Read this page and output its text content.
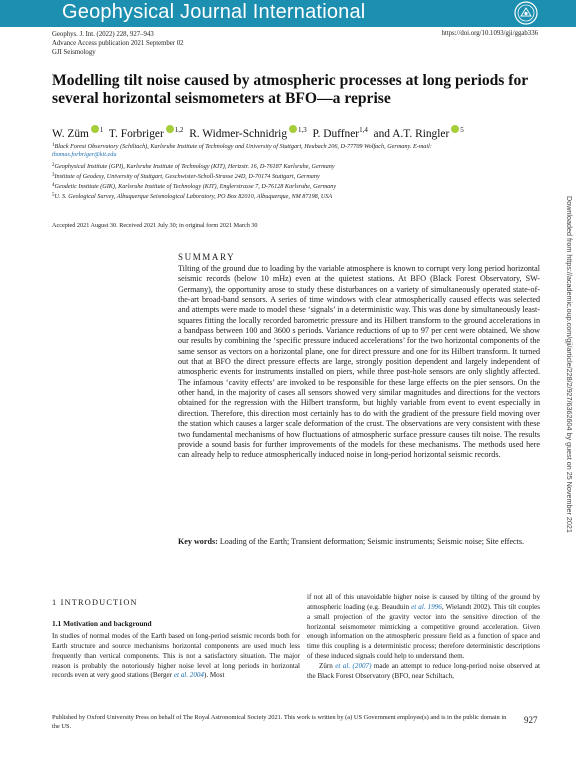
Geophysical Journal International
Geophys. J. Int. (2022) 228, 927–943
Advance Access publication 2021 September 02
GJI Seismology
https://doi.org/10.1093/gji/ggab336
Modelling tilt noise caused by atmospheric processes at long periods for several horizontal seismometers at BFO—a reprise
W. Züm $^1$ T. Forbriger $^{1,2}$ R. Widmer-Schnidrig $^{1,3}$ P. Duffner$^{1,4}$ and A.T. Ringler $^5$
$^1$Black Forest Observatory (Schiltach), Karlsruhe Institute of Technology and University of Stuttgart, Heubach 206, D-77709 Wolfach, Germany. E-mail:
thomas.forbriger@kit.edu
$^2$Geophysical Institute (GPI), Karlsruhe Institute of Technology (KIT), Hertzstr. 16, D-76187 Karlsruhe, Germany
$^3$Institute of Geodesy, University of Stuttgart, Geschwister-Scholl-Strasse 24D, D-70174 Stuttgart, Germany
$^4$Geodetic Institute (GIK), Karlsruhe Institute of Technology (KIT), Englerstrasse 7, D-76128 Karlsruhe, Germany
$^5$U. S. Geological Survey, Albuquerque Seismological Laboratory, PO Box 82010, Albuquerque, NM 87198, USA
Accepted 2021 August 30. Received 2021 July 30; in original form 2021 March 30	Downloaded from https://academic.oup.com/gji/article/228/2/927/6362604 by guest on 25 November 2021
SUMMARY
Tilting of the ground due to loading by the variable atmosphere is known to corrupt very long period horizontal seismic records (below 10 mHz) even at the quietest stations. At BFO (Black Forest Observatory, SW-Germany), the opportunity arose to study these disturbances on a variety of simultaneously operated state-of-the-art broad-band sensors. A series of time windows with clear atmospherically caused effects was selected and attempts were made to model these ‘signals’ in a deterministic way. This was done by simultaneously least-squares fitting the locally recorded barometric pressure and its Hilbert transform to the ground accelerations in a bandpass between 100 and 3600 s periods. Variance reductions of up to 97 per cent were obtained. We show our results by combining the ‘specific pressure induced accelerations’ for the two horizontal components of the same sensor as vectors on a horizontal plane, one for direct pressure and one for its Hilbert transform. It turned out that at BFO the direct pressure effects are large, strongly position dependent and largely independent of atmospheric events for instruments installed on piers, while three post-hole sensors are only slightly affected. The infamous ‘cavity effects’ are invoked to be responsible for these large effects on the pier sensors. On the other hand, in the majority of cases all sensors showed very similar magnitudes and directions for the vectors obtained for the regression with the Hilbert transform, but highly variable from event to event especially in direction. Therefore, this direction most certainly has to do with the gradient of the pressure field moving over the station which causes a larger scale deformation of the crust. The observations are very consistent with these two fundamental mechanisms of how fluctuations of atmospheric surface pressure causes tilt noise. The results provide a sound basis for further improvements of the models for these mechanisms. The methods used here can already help to reduce atmospherically induced noise in long-period horizontal seismic records.
Key words: Loading of the Earth; Transient deformation; Seismic instruments; Seismic noise; Site effects.
1 INTRODUCTION
1.1 Motivation and background
In studies of normal modes of the Earth based on long-period seismic records both for Earth structure and source mechanisms horizontal components are used much less frequently than vertical components. This is not a satisfactory situation. The major reason is probably the notoriously higher noise level at long periods in horizontal records even at very good stations (Berger et al. 2004). Most
if not all of this unavoidable higher noise is caused by tilting of the ground by atmospheric loading (e.g. Beauduin et al. 1996, Wielandt 2002). This tilt couples a small projection of the gravity vector into the sensitive direction of the horizontal seismometer mimicking a competitive ground acceleration. Given enough information on the atmospheric pressure field as a function of space and time this coupling is a deterministic process; therefore deterministic descriptions of these induced signals could help to understand them.
Zürn et al. (2007) made an attempt to reduce long-period noise observed at the Black Forest Observatory (BFO, near Schiltach,
Published by Oxford University Press on behalf of The Royal Astronomical Society 2021. This work is written by (a) US Government employee(s) and is in the public domain in the US.
927
